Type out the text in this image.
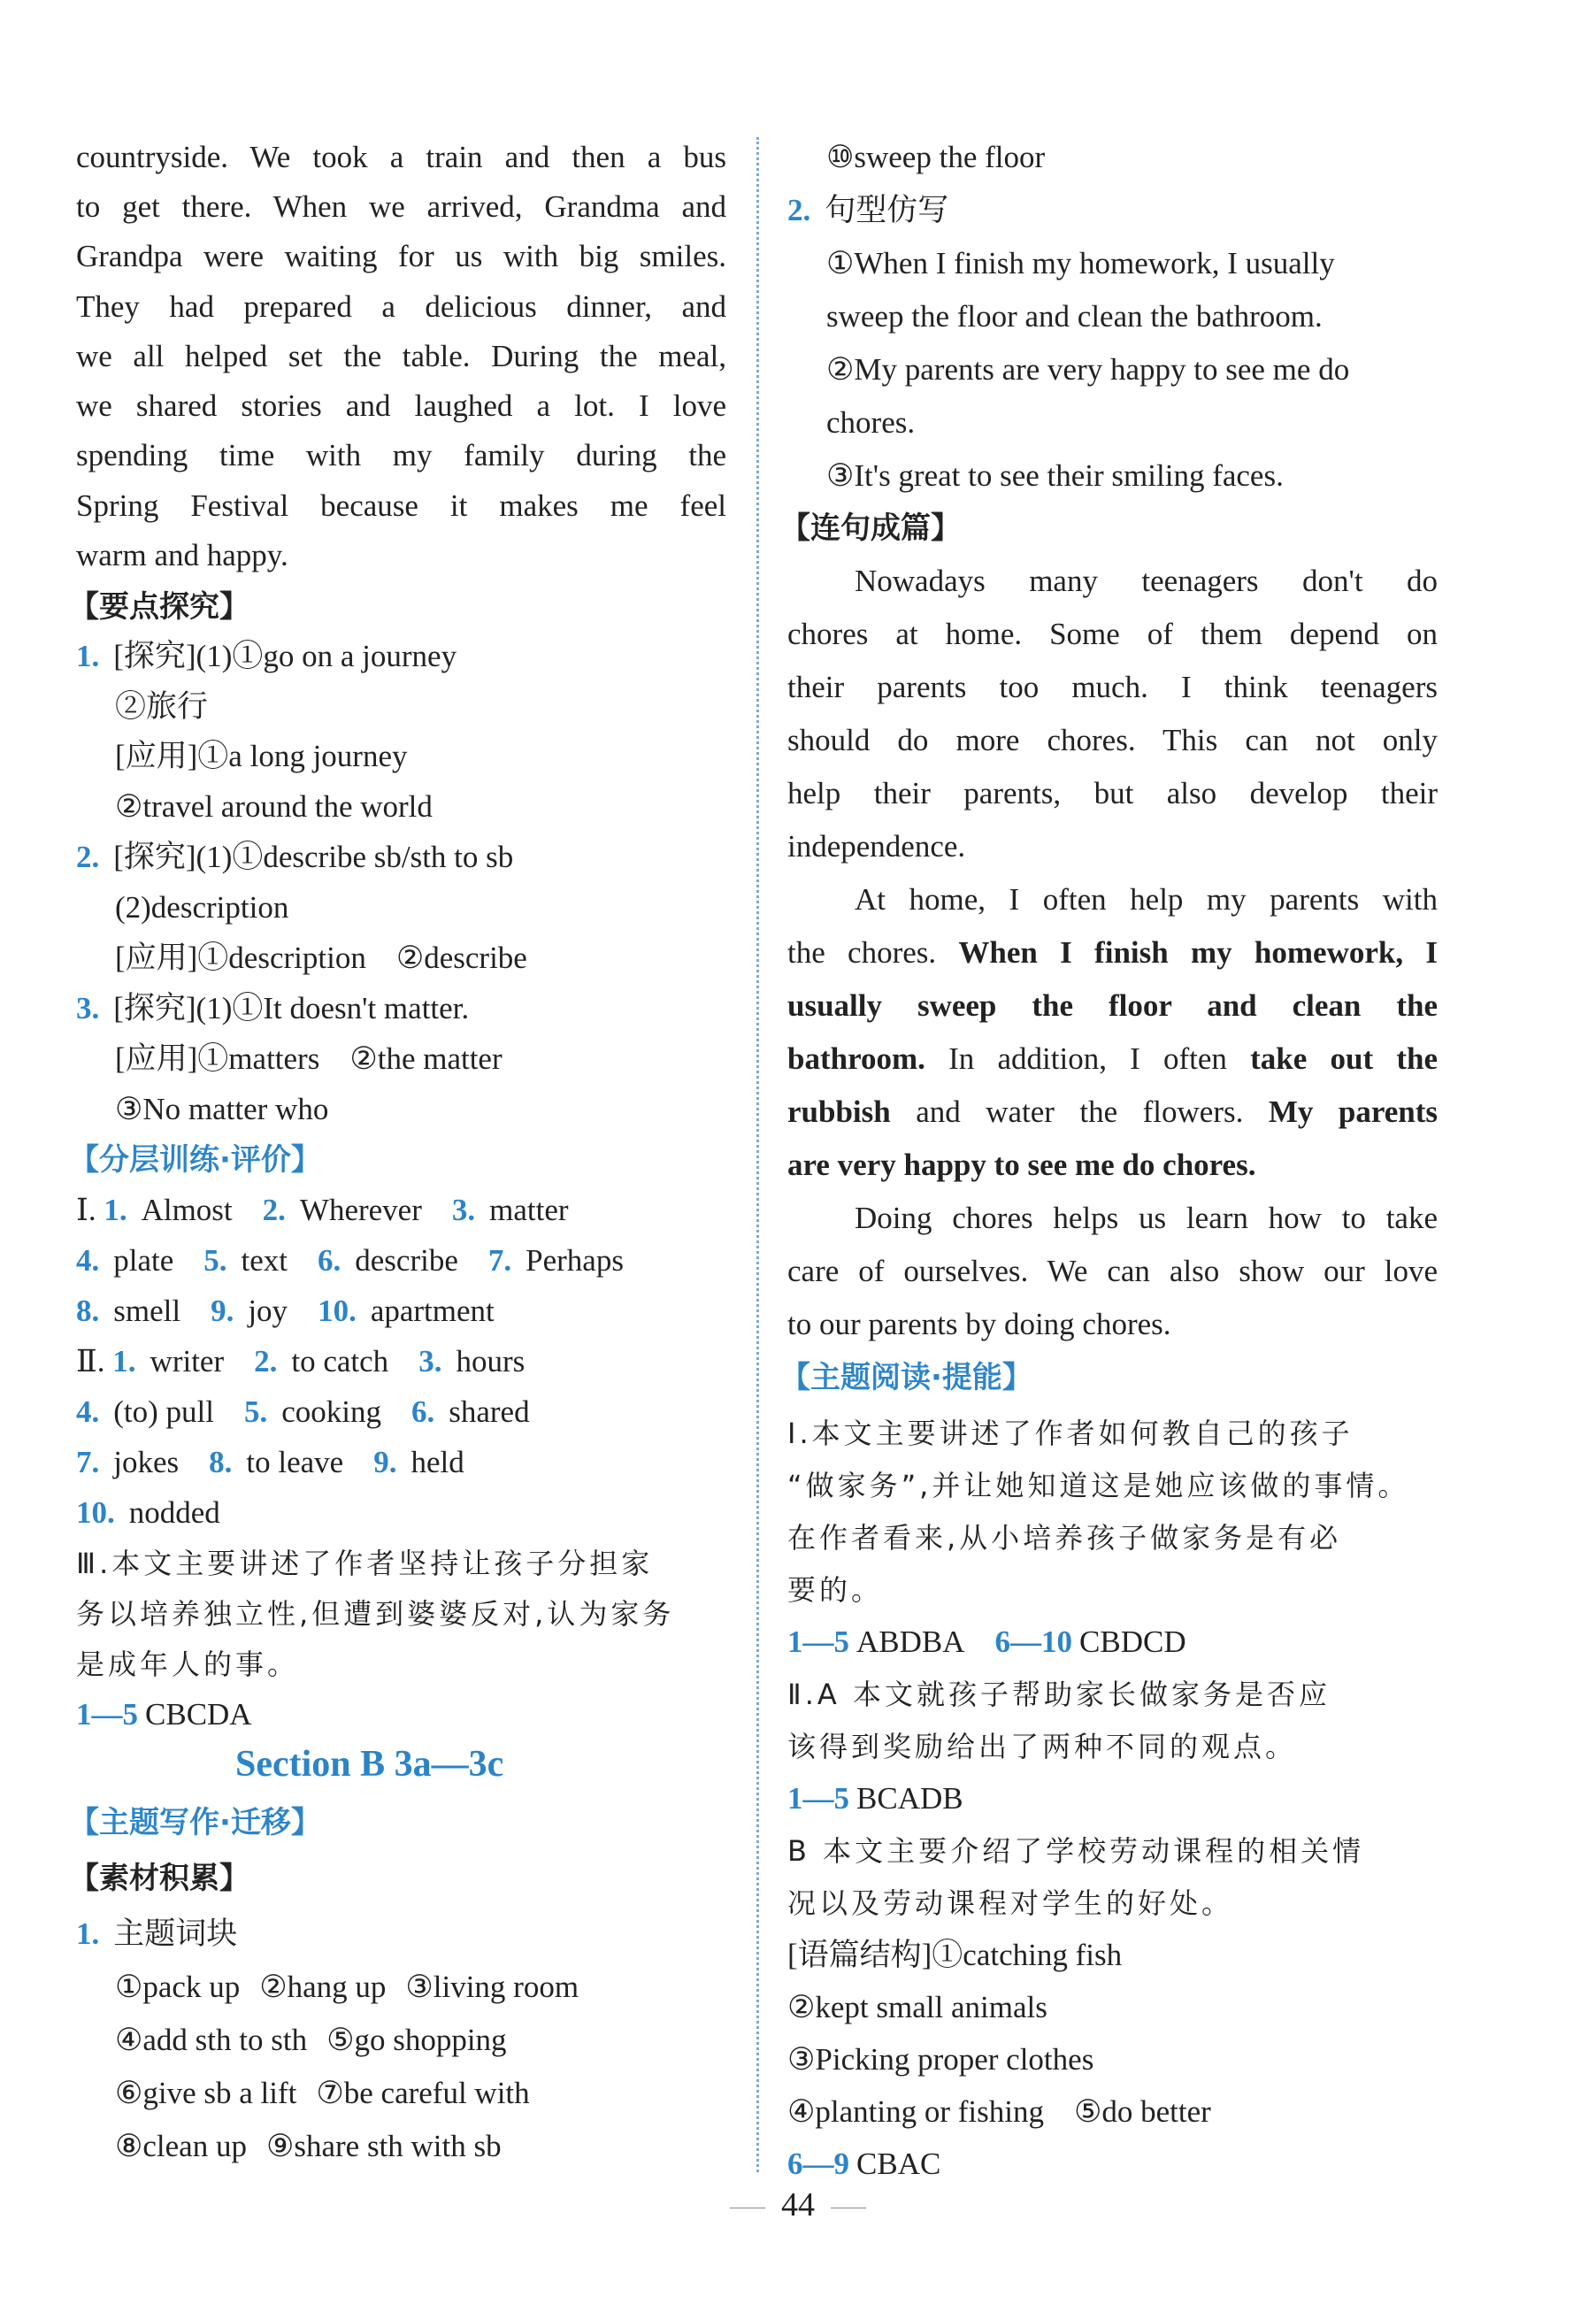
countryside. We took a train and then a bus
to get there. When we arrived, Grandma and
Grandpa were waiting for us with big smiles.
They had prepared a delicious dinner, and
we all helped set the table. During the meal,
we shared stories and laughed a lot. I love
spending time with my family during the
Spring Festival because it makes me feel
warm and happy.
【要点探究】
1. [探究](1)①go on a journey
②旅行
[应用]①a long journey
②travel around the world
2. [探究](1)①describe sb/sth to sb
(2)description
[应用]①description ②describe
3. [探究](1)①It doesn't matter.
[应用]①matters ②the matter
③No matter who
【分层训练·评价】
Ⅰ. 1. Almost 2. Wherever 3. matter
4. plate 5. text 6. describe 7. Perhaps
8. smell 9. joy 10. apartment
Ⅱ. 1. writer 2. to catch 3. hours
4. (to) pull 5. cooking 6. shared
7. jokes 8. to leave 9. held
10. nodded
Ⅲ.本文主要讲述了作者坚持让孩子分担家
务以培养独立性,但遭到婆婆反对,认为家务
是成年人的事。
1—5 CBCDA
Section B 3a—3c
【主题写作·迁移】
【素材积累】
1. 主题词块
①pack up ②hang up ③living room
④add sth to sth ⑤go shopping
⑥give sb a lift ⑦be careful with
⑧clean up ⑨share sth with sb
⑩sweep the floor
2. 句型仿写
①When I finish my homework, I usually
sweep the floor and clean the bathroom.
②My parents are very happy to see me do
chores.
③It's great to see their smiling faces.
【连句成篇】
Nowadays many teenagers don't do
chores at home. Some of them depend on
their parents too much. I think teenagers
should do more chores. This can not only
help their parents, but also develop their
independence.
At home, I often help my parents with
the chores. When I finish my homework, I
usually sweep the floor and clean the
bathroom. In addition, I often take out the
rubbish and water the flowers. My parents
are very happy to see me do chores.
Doing chores helps us learn how to take
care of ourselves. We can also show our love
to our parents by doing chores.
【主题阅读·提能】
Ⅰ.本文主要讲述了作者如何教自己的孩子
“做家务”,并让她知道这是她应该做的事情。
在作者看来,从小培养孩子做家务是有必
要的。
1—5 ABDBA 6—10 CBDCD
Ⅱ.A 本文就孩子帮助家长做家务是否应
该得到奖励给出了两种不同的观点。
1—5 BCADB
B 本文主要介绍了学校劳动课程的相关情
况以及劳动课程对学生的好处。
[语篇结构]①catching fish
②kept small animals
③Picking proper clothes
④planting or fishing ⑤do better
6—9 CBAC
44
